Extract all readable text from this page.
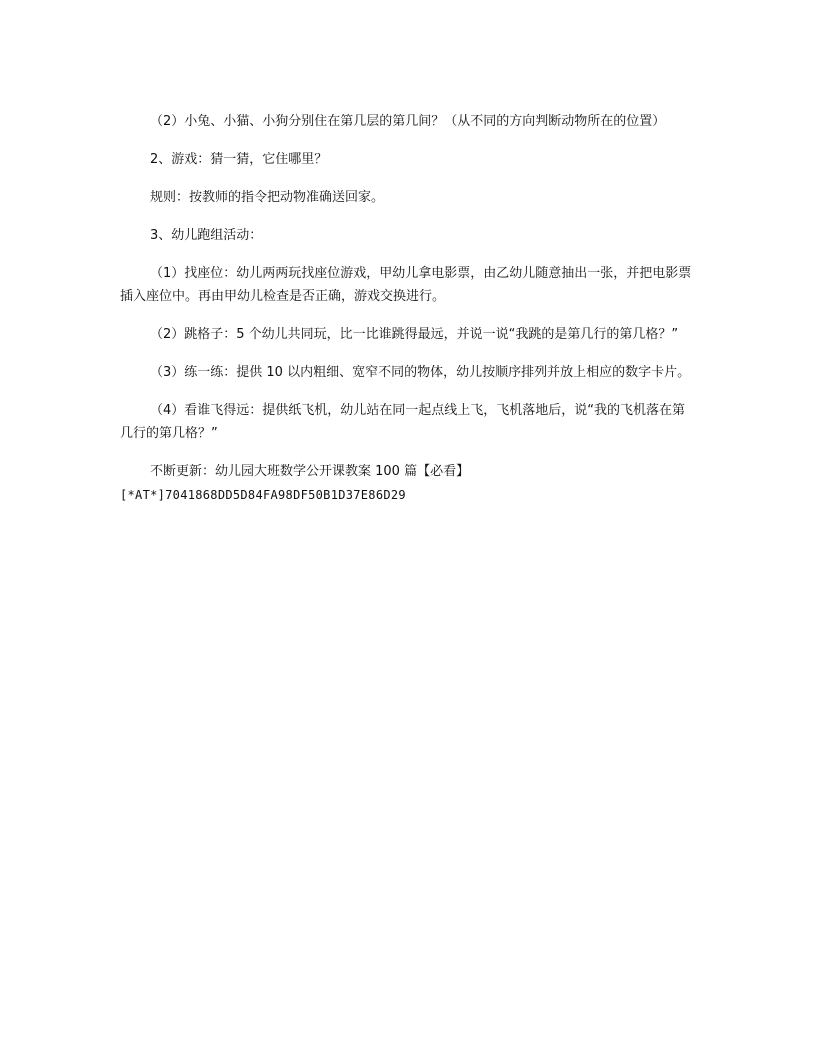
（2）小兔、小猫、小狗分别住在第几层的第几间？（从不同的方向判断动物所在的位置）

2、游戏：猜一猜，它住哪里？

规则：按教师的指令把动物准确送回家。

3、幼儿跑组活动：

（1）找座位：幼儿两两玩找座位游戏，甲幼儿拿电影票，由乙幼儿随意抽出一张，并把电影票插入座位中。再由甲幼儿检查是否正确，游戏交换进行。

（2）跳格子：5 个幼儿共同玩，比一比谁跳得最远，并说一说“我跳的是第几行的第几格？”

（3）练一练：提供 10 以内粗细、宽窄不同的物体，幼儿按顺序排列并放上相应的数字卡片。

（4）看谁飞得远：提供纸飞机，幼儿站在同一起点线上飞，飞机落地后，说“我的飞机落在第几行的第几格？”

不断更新：幼儿园大班数学公开课教案 100 篇【必看】

[*AT*]7041868DD5D84FA98DF50B1D37E86D29
